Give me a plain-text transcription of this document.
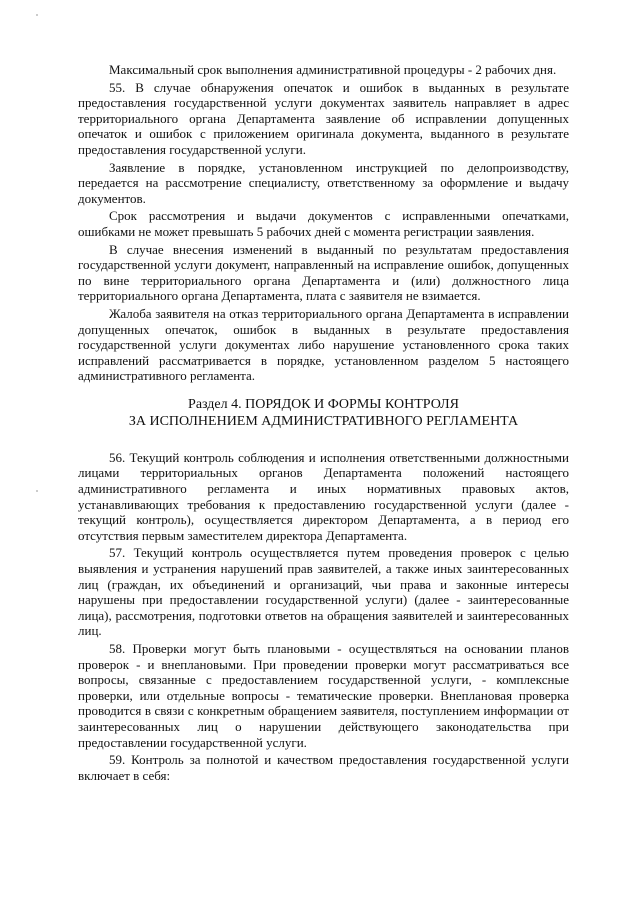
Максимальный срок выполнения административной процедуры - 2 рабочих дня.

55. В случае обнаружения опечаток и ошибок в выданных в результате предоставления государственной услуги документах заявитель направляет в адрес территориального органа Департамента заявление об исправлении допущенных опечаток и ошибок с приложением оригинала документа, выданного в результате предоставления государственной услуги.

Заявление в порядке, установленном инструкцией по делопроизводству, передается на рассмотрение специалисту, ответственному за оформление и выдачу документов.

Срок рассмотрения и выдачи документов с исправленными опечатками, ошибками не может превышать 5 рабочих дней с момента регистрации заявления.

В случае внесения изменений в выданный по результатам предоставления государственной услуги документ, направленный на исправление ошибок, допущенных по вине территориального органа Департамента и (или) должностного лица территориального органа Департамента, плата с заявителя не взимается.

Жалоба заявителя на отказ территориального органа Департамента в исправлении допущенных опечаток, ошибок в выданных в результате предоставления государственной услуги документах либо нарушение установленного срока таких исправлений рассматривается в порядке, установленном разделом 5 настоящего административного регламента.

Раздел 4. ПОРЯДОК И ФОРМЫ КОНТРОЛЯ
ЗА ИСПОЛНЕНИЕМ АДМИНИСТРАТИВНОГО РЕГЛАМЕНТА

56. Текущий контроль соблюдения и исполнения ответственными должностными лицами территориальных органов Департамента положений настоящего административного регламента и иных нормативных правовых актов, устанавливающих требования к предоставлению государственной услуги (далее - текущий контроль), осуществляется директором Департамента, а в период его отсутствия первым заместителем директора Департамента.

57. Текущий контроль осуществляется путем проведения проверок с целью выявления и устранения нарушений прав заявителей, а также иных заинтересованных лиц (граждан, их объединений и организаций, чьи права и законные интересы нарушены при предоставлении государственной услуги) (далее - заинтересованные лица), рассмотрения, подготовки ответов на обращения заявителей и заинтересованных лиц.

58. Проверки могут быть плановыми - осуществляться на основании планов проверок - и внеплановыми. При проведении проверки могут рассматриваться все вопросы, связанные с предоставлением государственной услуги, - комплексные проверки, или отдельные вопросы - тематические проверки. Внеплановая проверка проводится в связи с конкретным обращением заявителя, поступлением информации от заинтересованных лиц о нарушении действующего законодательства при предоставлении государственной услуги.

59. Контроль за полнотой и качеством предоставления государственной услуги включает в себя:
